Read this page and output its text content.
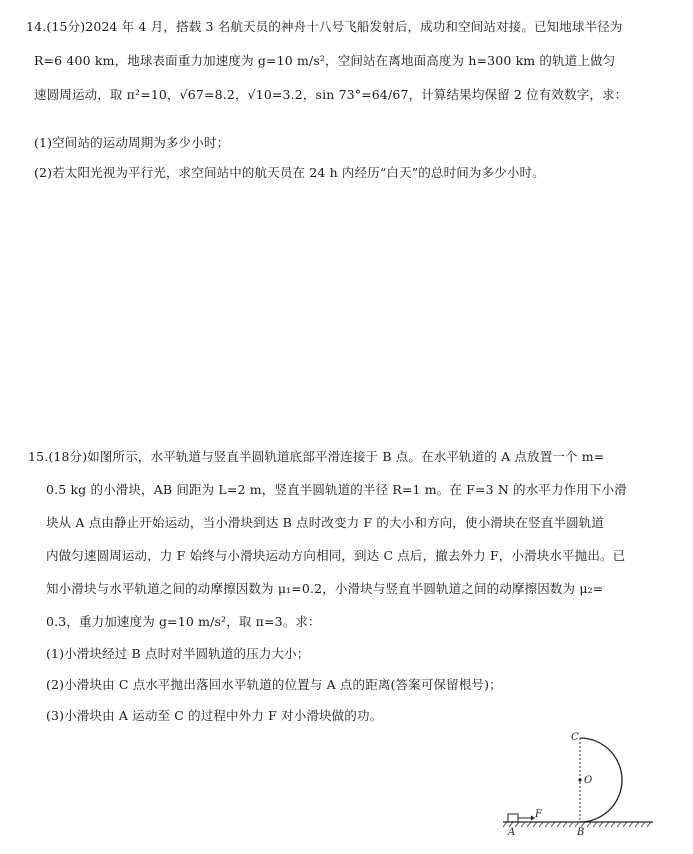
14.(15分)2024 年 4 月，搭载 3 名航天员的神舟十八号飞船发射后，成功和空间站对接。已知地球半径为
R=6 400 km，地球表面重力加速度为 g=10 m/s²，空间站在离地面高度为 h=300 km 的轨道上做匀
速圆周运动，取 π²=10，√67=8.2，√10=3.2，sin 73°=64/67，计算结果均保留 2 位有效数字，求：
(1)空间站的运动周期为多少小时；
(2)若太阳光视为平行光，求空间站中的航天员在 24 h 内经历“白天”的总时间为多少小时。
15.(18分)如图所示，水平轨道与竖直半圆轨道底部平滑连接于 B 点。在水平轨道的 A 点放置一个 m=
0.5 kg 的小滑块，AB 间距为 L=2 m，竖直半圆轨道的半径 R=1 m。在 F=3 N 的水平力作用下小滑
块从 A 点由静止开始运动，当小滑块到达 B 点时改变力 F 的大小和方向，使小滑块在竖直半圆轨道
内做匀速圆周运动，力 F 始终与小滑块运动方向相同，到达 C 点后，撤去外力 F，小滑块水平抛出。已
知小滑块与水平轨道之间的动摩擦因数为 μ₁=0.2，小滑块与竖直半圆轨道之间的动摩擦因数为 μ₂=
0.3，重力加速度为 g=10 m/s²，取 π=3。求：
(1)小滑块经过 B 点时对半圆轨道的压力大小；
(2)小滑块由 C 点水平抛出落回水平轨道的位置与 A 点的距离(答案可保留根号)；
(3)小滑块由 A 运动至 C 的过程中外力 F 对小滑块做的功。
C
O
F
A	B
